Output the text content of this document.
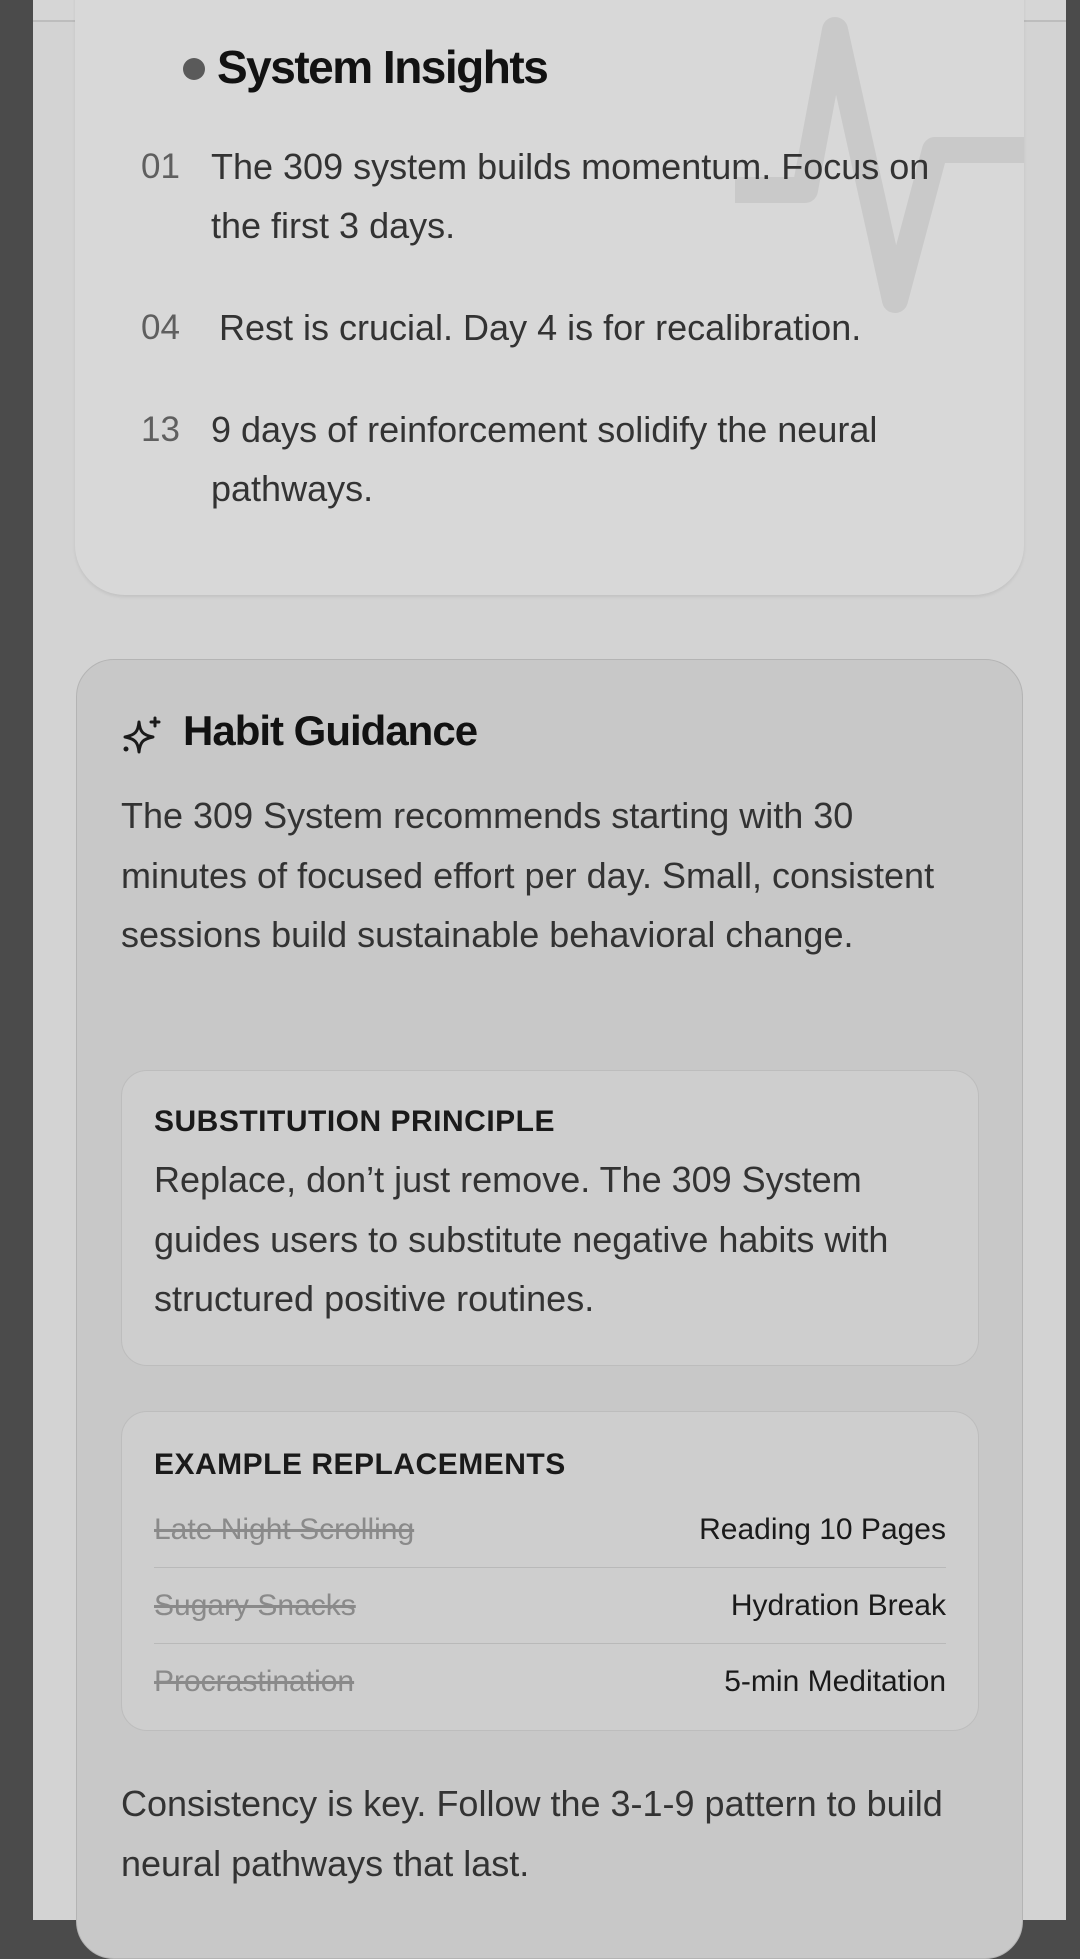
System Insights
01 The 309 system builds momentum. Focus on the first 3 days.
04 Rest is crucial. Day 4 is for recalibration.
13 9 days of reinforcement solidify the neural pathways.
Habit Guidance
The 309 System recommends starting with 30 minutes of focused effort per day. Small, consistent sessions build sustainable behavioral change.
SUBSTITUTION PRINCIPLE
Replace, don’t just remove. The 309 System guides users to substitute negative habits with structured positive routines.
EXAMPLE REPLACEMENTS
Late Night Scrolling	Reading 10 Pages
Sugary Snacks	Hydration Break
Procrastination	5-min Meditation
Consistency is key. Follow the 3-1-9 pattern to build neural pathways that last.
